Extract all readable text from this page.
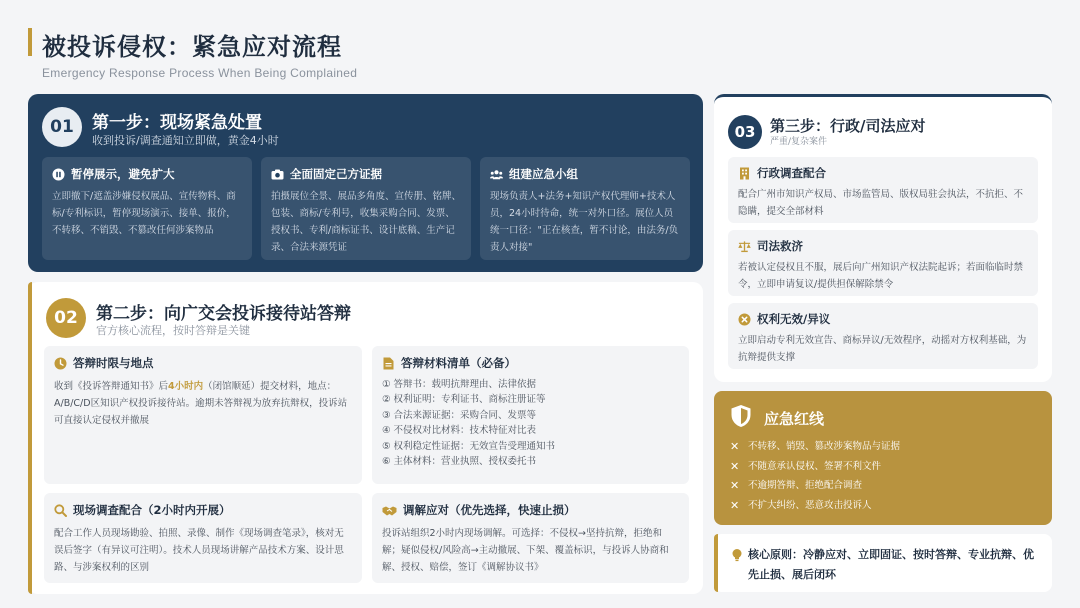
被投诉侵权：紧急应对流程
Emergency Response Process When Being Complained
01	第一步：现场紧急处置
收到投诉/调查通知立即做，黄金4小时
暂停展示，避免扩大
立即撤下/遮盖涉嫌侵权展品、宣传物料、商标/专利标识，暂停现场演示、接单、报价，不转移、不销毁、不篡改任何涉案物品
全面固定己方证据
拍摄展位全景、展品多角度、宣传册、铭牌、包装、商标/专利号，收集采购合同、发票、授权书、专利/商标证书、设计底稿、生产记录、合法来源凭证
组建应急小组
现场负责人+法务+知识产权代理师+技术人员，24小时待命，统一对外口径。展位人员统一口径："正在核查，暂不讨论，由法务/负责人对接"
02	第二步：向广交会投诉接待站答辩
官方核心流程，按时答辩是关键
答辩时限与地点
收到《投诉答辩通知书》后4小时内（闭馆顺延）提交材料，地点：A/B/C/D区知识产权投诉接待站。逾期未答辩视为放弃抗辩权，投诉站可直接认定侵权并撤展
答辩材料清单（必备）
① 答辩书：载明抗辩理由、法律依据
② 权利证明：专利证书、商标注册证等
③ 合法来源证据：采购合同、发票等
④ 不侵权对比材料：技术特征对比表
⑤ 权利稳定性证据：无效宣告受理通知书
⑥ 主体材料：营业执照、授权委托书
现场调查配合（2小时内开展）
配合工作人员现场勘验、拍照、录像、制作《现场调查笔录》，核对无误后签字（有异议可注明）。技术人员现场讲解产品技术方案、设计思路、与涉案权利的区别
调解应对（优先选择，快速止损）
投诉站组织2小时内现场调解。可选择：不侵权→坚持抗辩，拒绝和解；疑似侵权/风险高→主动撤展、下架、覆盖标识，与投诉人协商和解、授权、赔偿，签订《调解协议书》
03 第三步：行政/司法应对
严重/复杂案件
行政调查配合
配合广州市知识产权局、市场监管局、版权局驻会执法，不抗拒、不隐瞒，提交全部材料
司法救济
若被认定侵权且不服，展后向广州知识产权法院起诉；若面临临时禁令，立即申请复议/提供担保解除禁令
权利无效/异议
立即启动专利无效宣告、商标异议/无效程序，动摇对方权利基础，为抗辩提供支撑
应急红线
✕ 不转移、销毁、篡改涉案物品与证据
✕ 不随意承认侵权、签署不利文件
✕ 不逾期答辩、拒绝配合调查
✕ 不扩大纠纷、恶意攻击投诉人
核心原则：冷静应对、立即固证、按时答辩、专业抗辩、优先止损、展后闭环
